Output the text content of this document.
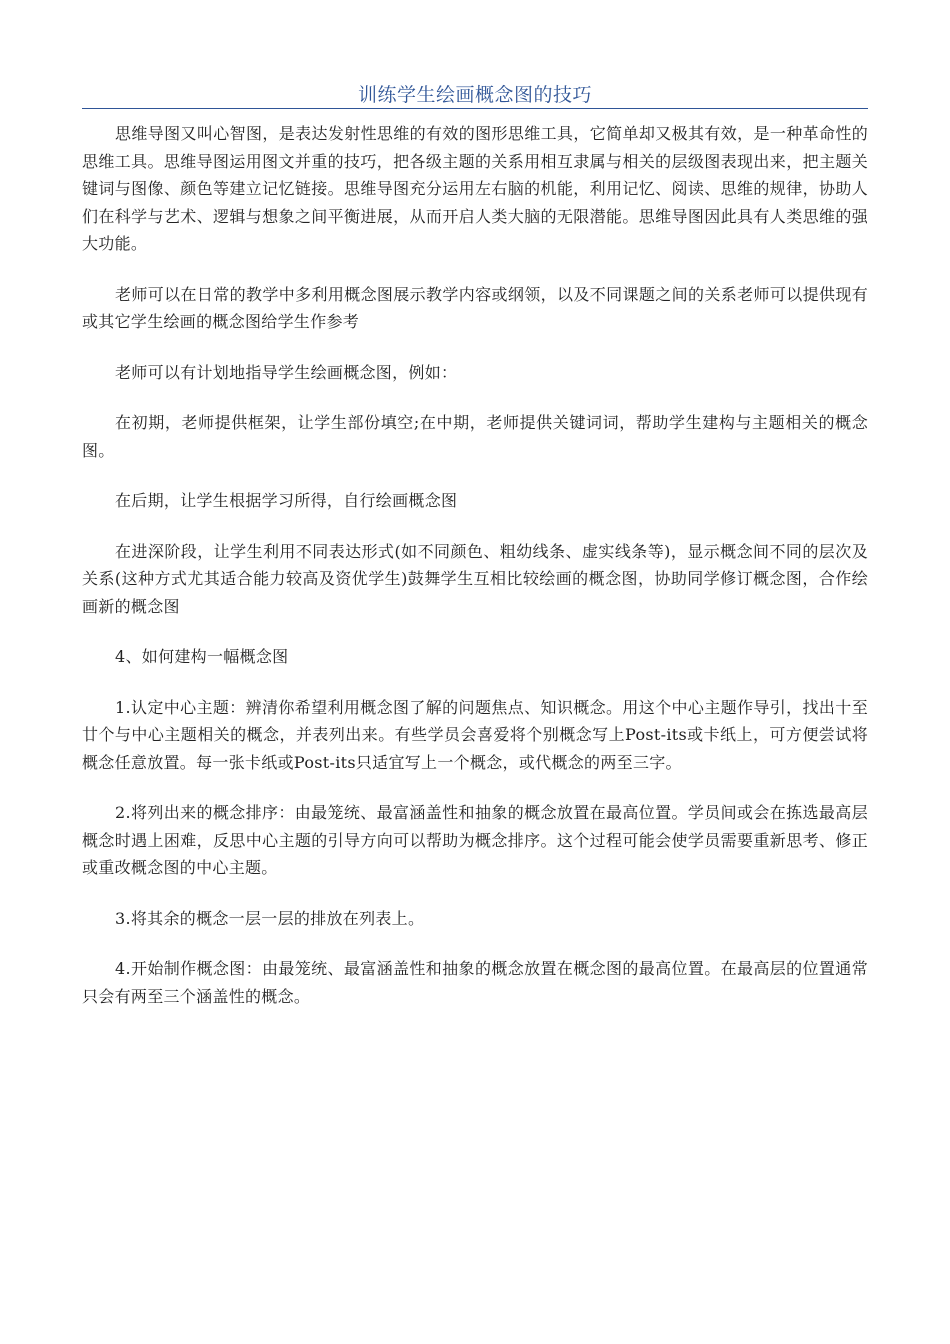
训练学生绘画概念图的技巧

思维导图又叫心智图，是表达发射性思维的有效的图形思维工具，它简单却又极其有效，是一种革命性的思维工具。思维导图运用图文并重的技巧，把各级主题的关系用相互隶属与相关的层级图表现出来，把主题关键词与图像、颜色等建立记忆链接。思维导图充分运用左右脑的机能，利用记忆、阅读、思维的规律，协助人们在科学与艺术、逻辑与想象之间平衡进展，从而开启人类大脑的无限潜能。思维导图因此具有人类思维的强大功能。

老师可以在日常的教学中多利用概念图展示教学内容或纲领，以及不同课题之间的关系老师可以提供现有或其它学生绘画的概念图给学生作参考

老师可以有计划地指导学生绘画概念图，例如：

在初期，老师提供框架，让学生部份填空;在中期，老师提供关键词词，帮助学生建构与主题相关的概念图。

在后期，让学生根据学习所得，自行绘画概念图

在进深阶段，让学生利用不同表达形式(如不同颜色、粗幼线条、虚实线条等)，显示概念间不同的层次及关系(这种方式尤其适合能力较高及资优学生)鼓舞学生互相比较绘画的概念图，协助同学修订概念图，合作绘画新的概念图

4、如何建构一幅概念图

1.认定中心主题：辨清你希望利用概念图了解的问题焦点、知识概念。用这个中心主题作导引，找出十至廿个与中心主题相关的概念，并表列出来。有些学员会喜爱将个别概念写上Post-its或卡纸上，可方便尝试将概念任意放置。每一张卡纸或Post-its只适宜写上一个概念，或代概念的两至三字。

2.将列出来的概念排序：由最笼统、最富涵盖性和抽象的概念放置在最高位置。学员间或会在拣选最高层概念时遇上困难，反思中心主题的引导方向可以帮助为概念排序。这个过程可能会使学员需要重新思考、修正或重改概念图的中心主题。

3.将其余的概念一层一层的排放在列表上。

4.开始制作概念图：由最笼统、最富涵盖性和抽象的概念放置在概念图的最高位置。在最高层的位置通常只会有两至三个涵盖性的概念。
